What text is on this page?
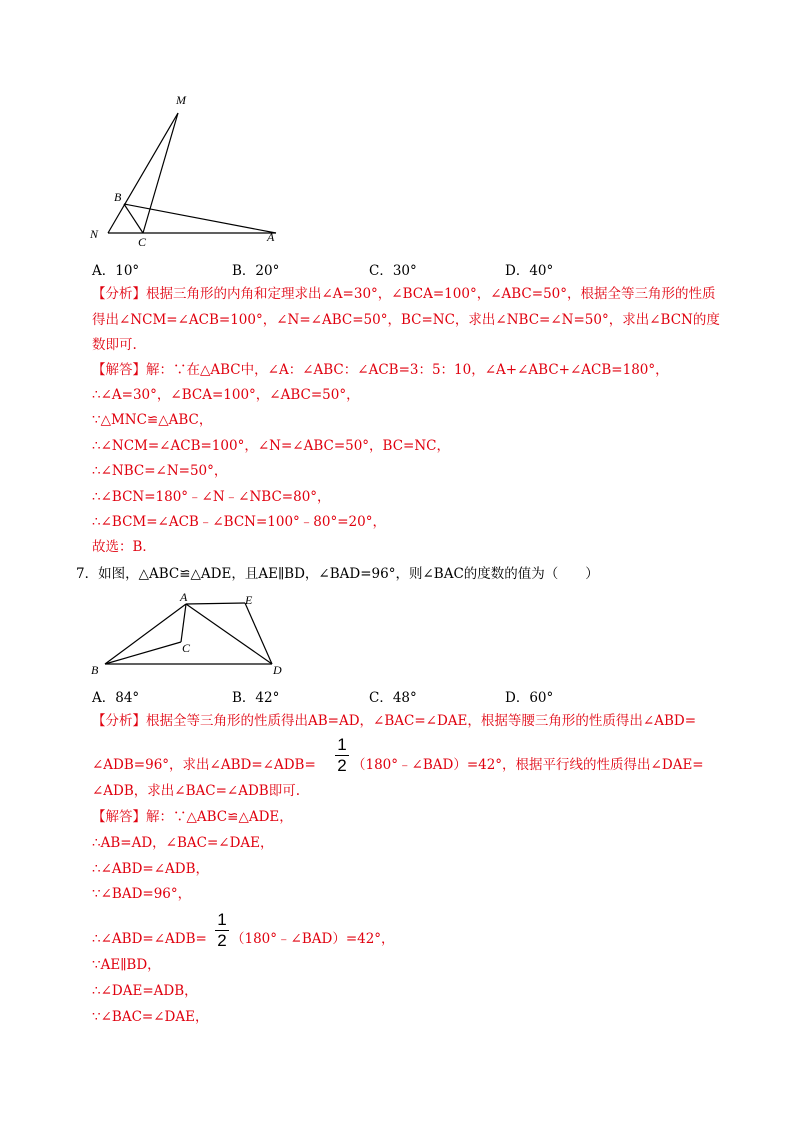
M
B
N
C	A
A．10°	B．20°	C．30°	D．40°
【分析】根据三角形的内角和定理求出∠A=30°，∠BCA=100°，∠ABC=50°，根据全等三角形的性质
得出∠NCM=∠ACB=100°，∠N=∠ABC=50°，BC=NC，求出∠NBC=∠N=50°，求出∠BCN的度
数即可.
【解答】解：∵在△ABC中，∠A：∠ABC：∠ACB=3：5：10，∠A+∠ABC+∠ACB=180°，
∴∠A=30°，∠BCA=100°，∠ABC=50°，
∵△MNC≌△ABC，
∴∠NCM=∠ACB=100°，∠N=∠ABC=50°，BC=NC，
∴∠NBC=∠N=50°，
∴∠BCN=180°﹣∠N﹣∠NBC=80°，
∴∠BCM=∠ACB﹣∠BCN=100°﹣80°=20°，
故选：B．
7．如图，△ABC≌△ADE，且AE∥BD，∠BAD=96°，则∠BAC的度数的值为（　　）
A	E
C
B	D
A．84°	B．42°	C．48°	D．60°
【分析】根据全等三角形的性质得出AB=AD，∠BAC=∠DAE，根据等腰三角形的性质得出∠ABD=
∠ADB=96°，求出∠ABD=∠ADB=
1
2 （180°﹣∠BAD）=42°，根据平行线的性质得出∠DAE=
∠ADB，求出∠BAC=∠ADB即可.
【解答】解：∵△ABC≌△ADE，
∴AB=AD，∠BAC=∠DAE，
∴∠ABD=∠ADB，
∵∠BAD=96°，
∴∠ABD=∠ADB=
1
2 （180°﹣∠BAD）=42°，
∵AE∥BD，
∴∠DAE=ADB，
∵∠BAC=∠DAE，
